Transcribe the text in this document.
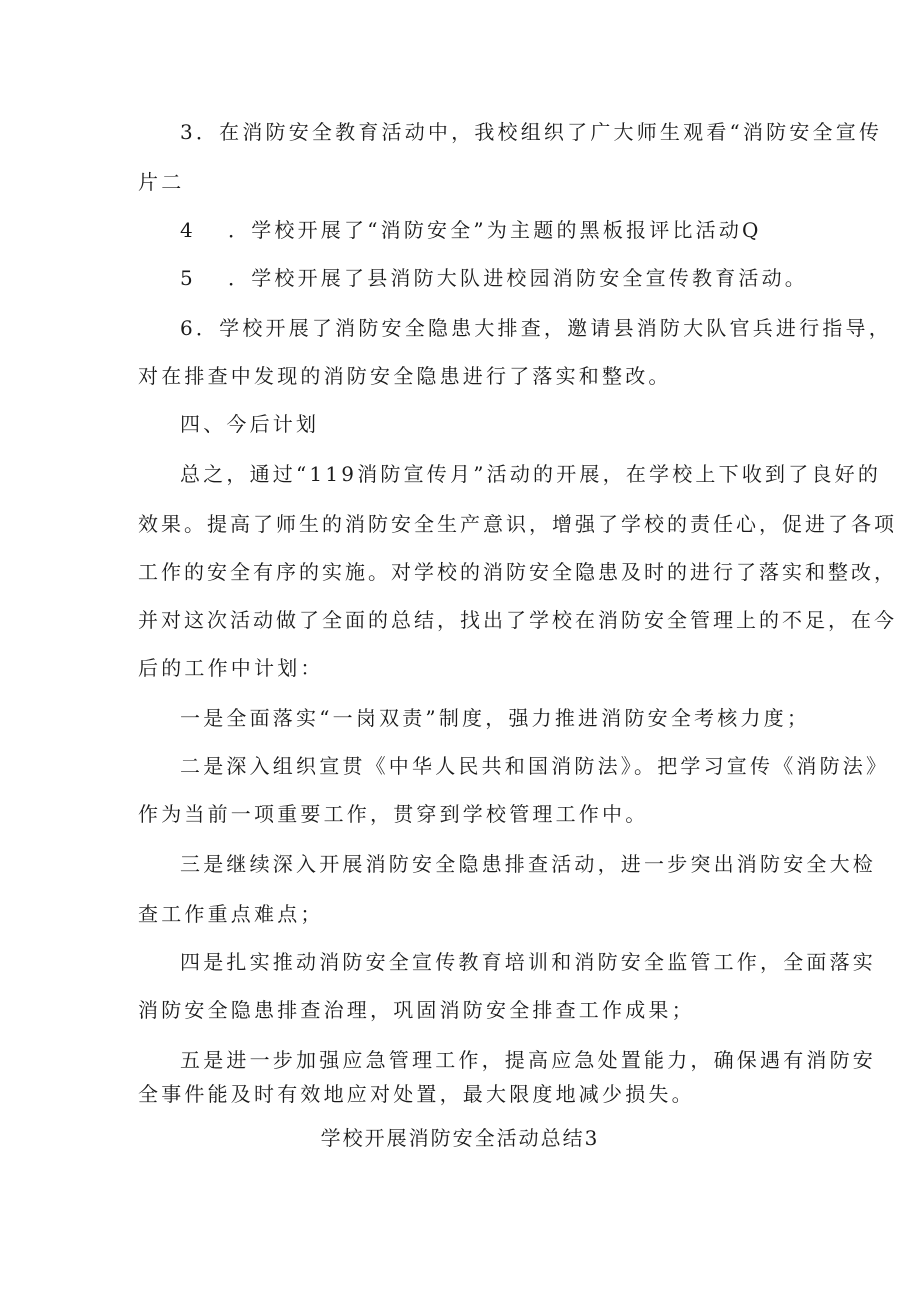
3．在消防安全教育活动中，我校组织了广大师生观看“消防安全宣传
片二
4 ．学校开展了“消防安全”为主题的黑板报评比活动Q
5 ．学校开展了县消防大队进校园消防安全宣传教育活动。
6．学校开展了消防安全隐患大排查，邀请县消防大队官兵进行指导，
对在排查中发现的消防安全隐患进行了落实和整改。
四、今后计划
总之，通过“119消防宣传月”活动的开展，在学校上下收到了良好的
效果。提高了师生的消防安全生产意识，增强了学校的责任心，促进了各项
工作的安全有序的实施。对学校的消防安全隐患及时的进行了落实和整改，
并对这次活动做了全面的总结，找出了学校在消防安全管理上的不足，在今
后的工作中计划：
一是全面落实“一岗双责”制度，强力推进消防安全考核力度；
二是深入组织宣贯《中华人民共和国消防法》。把学习宣传《消防法》
作为当前一项重要工作，贯穿到学校管理工作中。
三是继续深入开展消防安全隐患排查活动，进一步突出消防安全大检
查工作重点难点；
四是扎实推动消防安全宣传教育培训和消防安全监管工作，全面落实
消防安全隐患排查治理，巩固消防安全排查工作成果；
五是进一步加强应急管理工作，提高应急处置能力，确保遇有消防安
全事件能及时有效地应对处置，最大限度地减少损失。
学校开展消防安全活动总结3
